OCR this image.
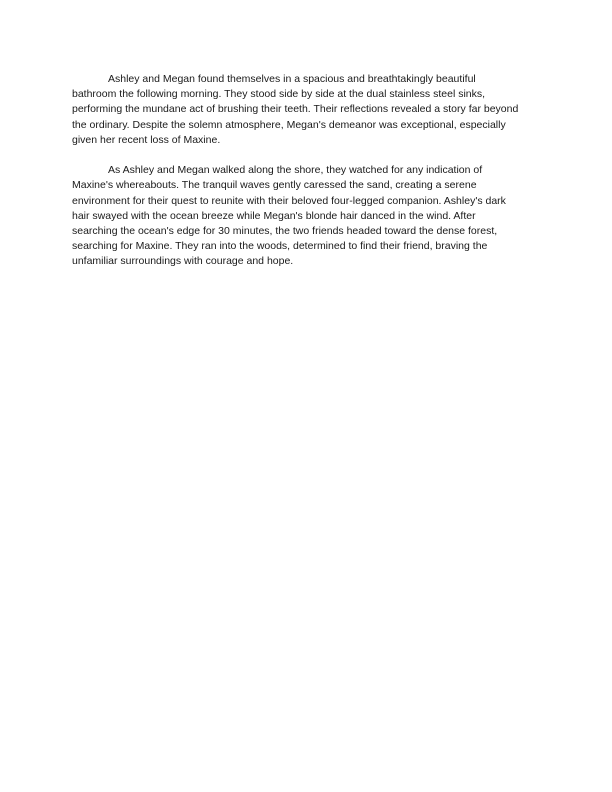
Ashley and Megan found themselves in a spacious and breathtakingly beautiful bathroom the following morning. They stood side by side at the dual stainless steel sinks, performing the mundane act of brushing their teeth. Their reflections revealed a story far beyond the ordinary. Despite the solemn atmosphere, Megan's demeanor was exceptional, especially given her recent loss of Maxine.

As Ashley and Megan walked along the shore, they watched for any indication of Maxine's whereabouts. The tranquil waves gently caressed the sand, creating a serene environment for their quest to reunite with their beloved four-legged companion. Ashley's dark hair swayed with the ocean breeze while Megan's blonde hair danced in the wind. After searching the ocean's edge for 30 minutes, the two friends headed toward the dense forest, searching for Maxine. They ran into the woods, determined to find their friend, braving the unfamiliar surroundings with courage and hope.
